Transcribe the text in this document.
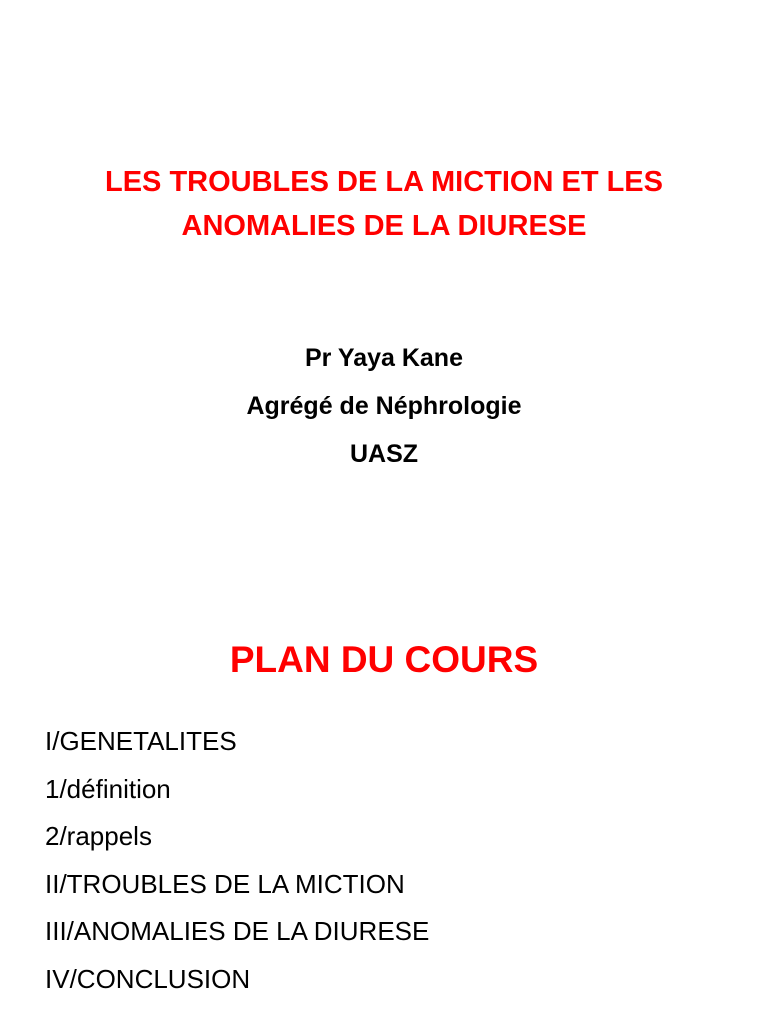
LES TROUBLES DE LA MICTION ET LES
ANOMALIES DE LA DIURESE
Pr Yaya Kane
Agrégé de Néphrologie
UASZ
PLAN DU COURS
I/GENETALITES
1/définition
2/rappels
II/TROUBLES DE LA MICTION
III/ANOMALIES DE LA DIURESE
IV/CONCLUSION
